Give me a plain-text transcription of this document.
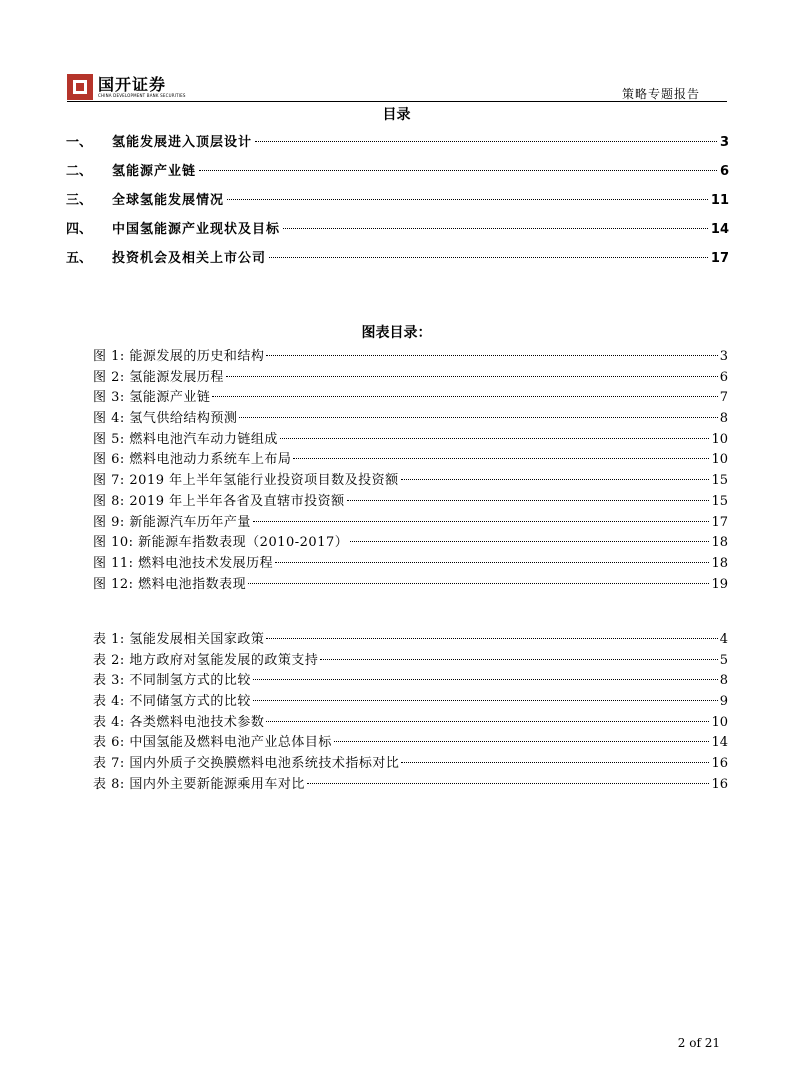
国开证券
CHINA DEVELOPMENT BANK SECURITIES	策略专题报告
目录
一、	氢能发展进入顶层设计	3
二、	氢能源产业链	6
三、	全球氢能发展情况	11
四、	中国氢能源产业现状及目标	14
五、	投资机会及相关上市公司	17
图表目录：
图 1: 能源发展的历史和结构	3
图 2: 氢能源发展历程	6
图 3: 氢能源产业链	7
图 4: 氢气供给结构预测	8
图 5: 燃料电池汽车动力链组成	10
图 6: 燃料电池动力系统车上布局	10
图 7: 2019 年上半年氢能行业投资项目数及投资额	15
图 8: 2019 年上半年各省及直辖市投资额	15
图 9: 新能源汽车历年产量	17
图 10: 新能源车指数表现（2010-2017）	18
图 11: 燃料电池技术发展历程	18
图 12: 燃料电池指数表现	19
表 1: 氢能发展相关国家政策	4
表 2: 地方政府对氢能发展的政策支持	5
表 3: 不同制氢方式的比较	8
表 4: 不同储氢方式的比较	9
表 4: 各类燃料电池技术参数	10
表 6: 中国氢能及燃料电池产业总体目标	14
表 7: 国内外质子交换膜燃料电池系统技术指标对比	16
表 8: 国内外主要新能源乘用车对比	16
2 of 21
